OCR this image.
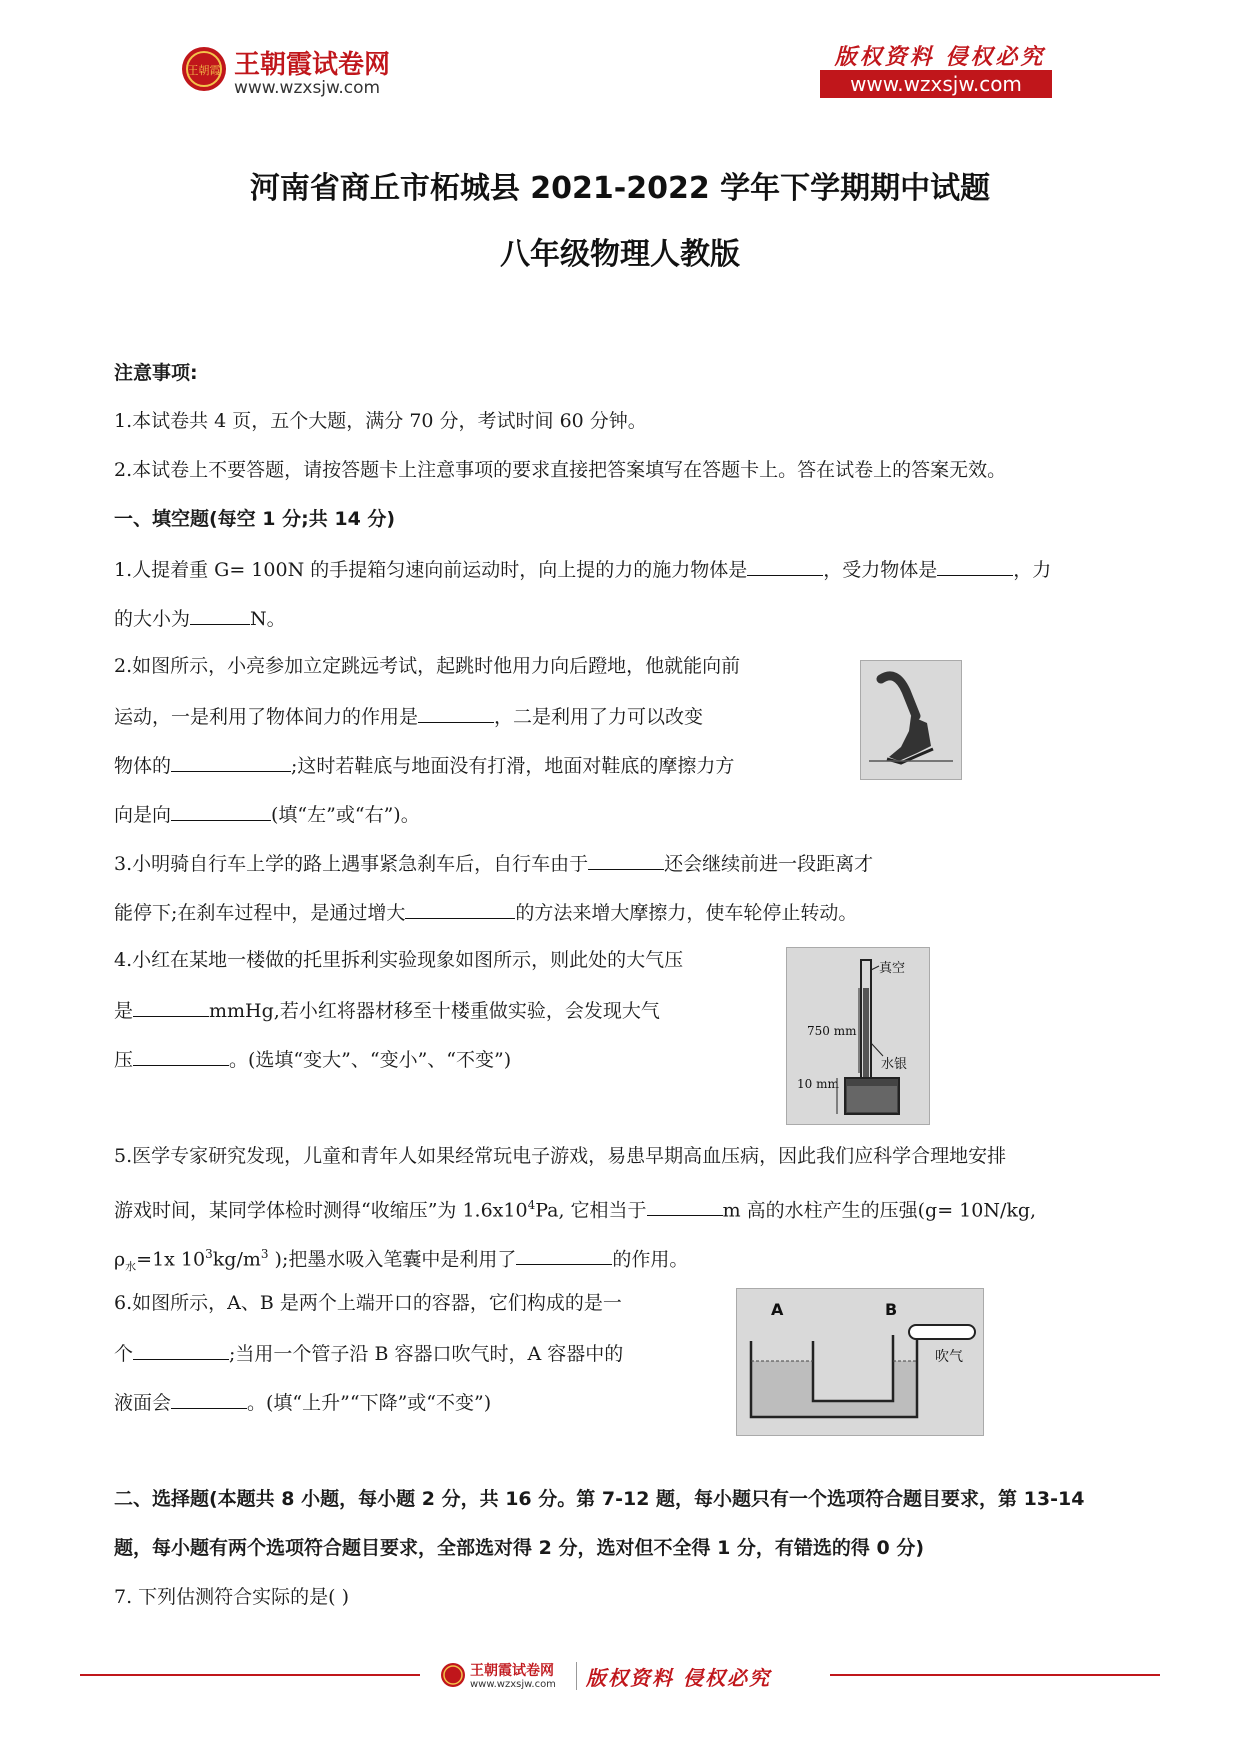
王朝霞 王朝霞试卷网
www.wzxsjw.com
版权资料 侵权必究
www.wzxsjw.com
河南省商丘市柘城县 2021-2022 学年下学期期中试题
八年级物理人教版
注意事项:
1.本试卷共 4 页，五个大题，满分 70 分，考试时间 60 分钟。
2.本试卷上不要答题，请按答题卡上注意事项的要求直接把答案填写在答题卡上。答在试卷上的答案无效。
一、填空题(每空 1 分;共 14 分)
1.人提着重 G= 100N 的手提箱匀速向前运动时，向上提的力的施力物体是	，受力物体是	，力
的大小为	N。
2.如图所示，小亮参加立定跳远考试，起跳时他用力向后蹬地，他就能向前
运动，一是利用了物体间力的作用是	，二是利用了力可以改变
物体的	;这时若鞋底与地面没有打滑，地面对鞋底的摩擦力方
向是向	(填“左”或“右”)。
3.小明骑自行车上学的路上遇事紧急刹车后，自行车由于	还会继续前进一段距离才
能停下;在刹车过程中，是通过增大	的方法来增大摩擦力，使车轮停止转动。
4.小红在某地一楼做的托里拆利实验现象如图所示，则此处的大气压
是	mmHg,若小红将器材移至十楼重做实验，会发现大气
压	。(选填“变大”、“变小”、“不变”)
真空
750 mm
水银
10 mm
5.医学专家研究发现，儿童和青年人如果经常玩电子游戏，易患早期高血压病，因此我们应科学合理地安排
游戏时间，某同学体检时测得“收缩压”为 $1.6x10^4Pa$, 它相当于	m 高的水柱产生的压强(g= 10N/kg,
$\rho_水=1x$ $10^3kg/m^3$ );把墨水吸入笔囊中是利用了	的作用。
6.如图所示，A、B 是两个上端开口的容器，它们构成的是一
个	;当用一个管子沿 B 容器口吹气时，A 容器中的
液面会	。(填“上升”“下降”或“不变”)
A	B
吹气
二、选择题(本题共 8 小题，每小题 2 分，共 16 分。第 7-12 题，每小题只有一个选项符合题目要求，第 13-14
题，每小题有两个选项符合题目要求，全部选对得 2 分，选对但不全得 1 分，有错选的得 0 分)
7. 下列估测符合实际的是( )
王朝霞试卷网
www.wzxsjw.com 版权资料 侵权必究
